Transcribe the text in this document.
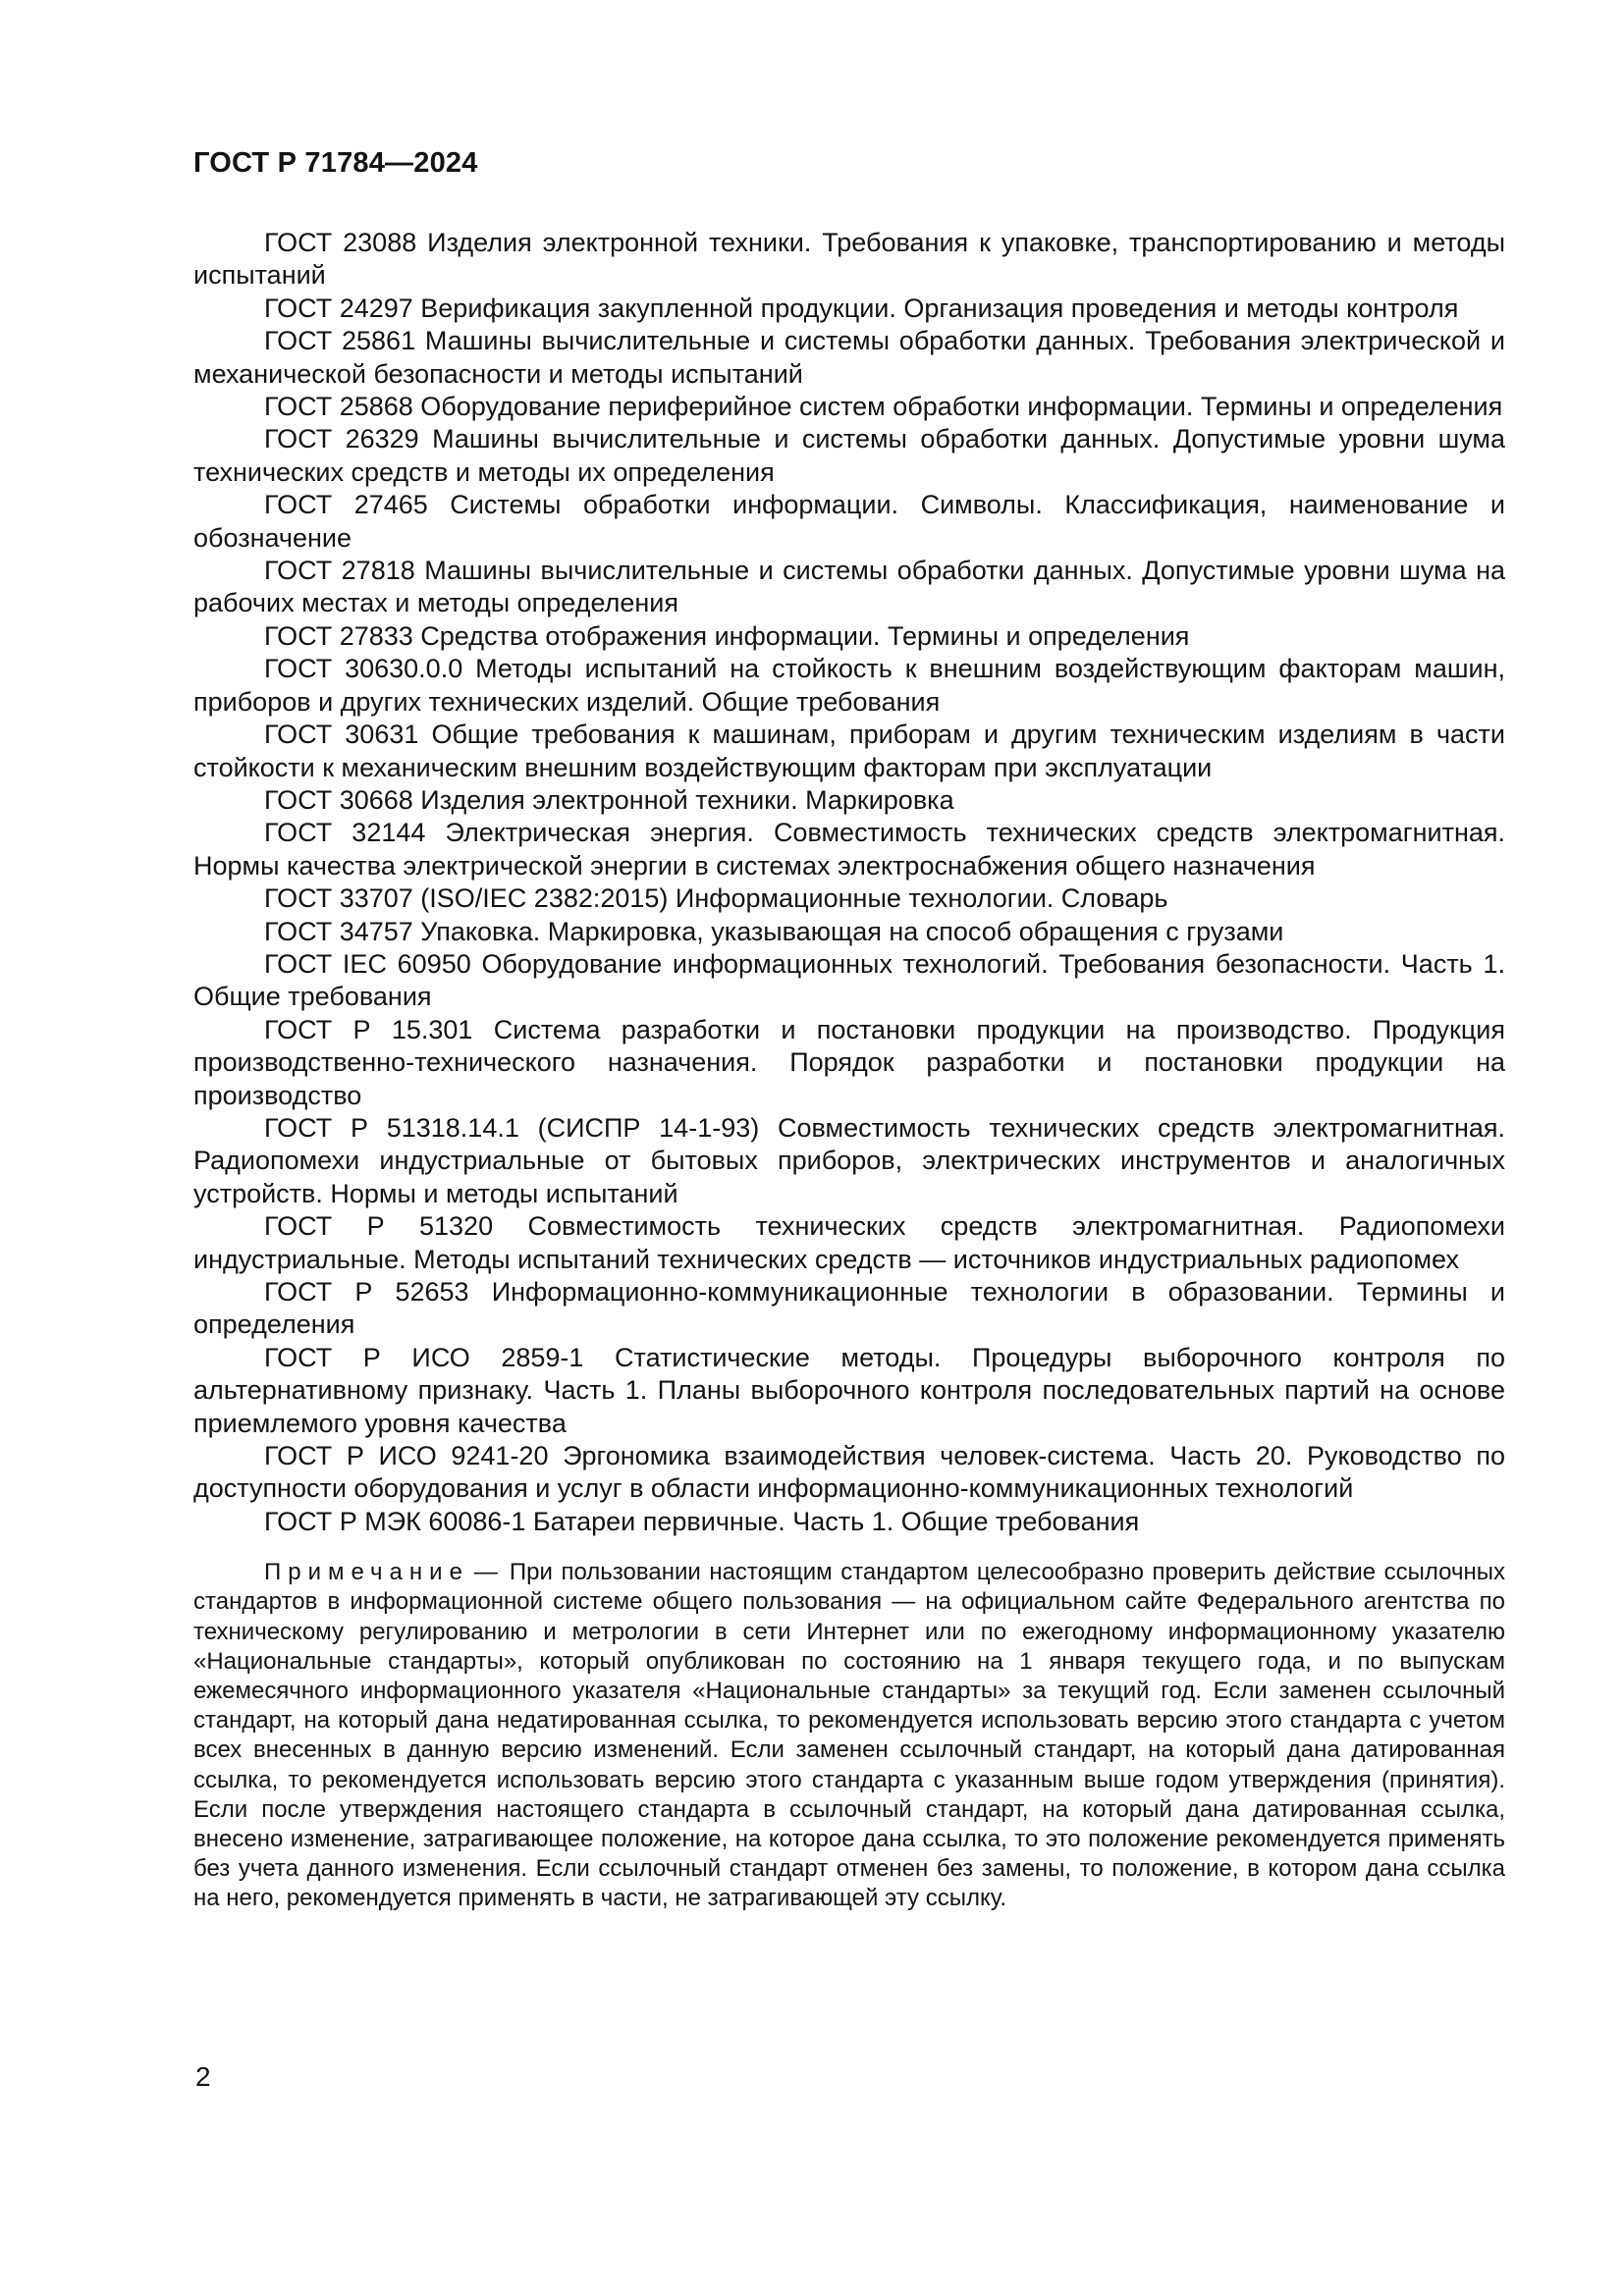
ГОСТ Р 71784—2024

ГОСТ 23088 Изделия электронной техники. Требования к упаковке, транспортированию и методы испытаний

ГОСТ 24297 Верификация закупленной продукции. Организация проведения и методы контроля

ГОСТ 25861 Машины вычислительные и системы обработки данных. Требования электрической и механической безопасности и методы испытаний

ГОСТ 25868 Оборудование периферийное систем обработки информации. Термины и определения

ГОСТ 26329 Машины вычислительные и системы обработки данных. Допустимые уровни шума технических средств и методы их определения

ГОСТ 27465 Системы обработки информации. Символы. Классификация, наименование и обозначение

ГОСТ 27818 Машины вычислительные и системы обработки данных. Допустимые уровни шума на рабочих местах и методы определения

ГОСТ 27833 Средства отображения информации. Термины и определения

ГОСТ 30630.0.0 Методы испытаний на стойкость к внешним воздействующим факторам машин, приборов и других технических изделий. Общие требования

ГОСТ 30631 Общие требования к машинам, приборам и другим техническим изделиям в части стойкости к механическим внешним воздействующим факторам при эксплуатации

ГОСТ 30668 Изделия электронной техники. Маркировка

ГОСТ 32144 Электрическая энергия. Совместимость технических средств электромагнитная. Нормы качества электрической энергии в системах электроснабжения общего назначения

ГОСТ 33707 (ISO/IEC 2382:2015) Информационные технологии. Словарь

ГОСТ 34757 Упаковка. Маркировка, указывающая на способ обращения с грузами

ГОСТ IEC 60950 Оборудование информационных технологий. Требования безопасности. Часть 1. Общие требования

ГОСТ Р 15.301 Система разработки и постановки продукции на производство. Продукция производственно-технического назначения. Порядок разработки и постановки продукции на производство

ГОСТ Р 51318.14.1 (СИСПР 14-1-93) Совместимость технических средств электромагнитная. Радиопомехи индустриальные от бытовых приборов, электрических инструментов и аналогичных устройств. Нормы и методы испытаний

ГОСТ Р 51320 Совместимость технических средств электромагнитная. Радиопомехи индустриальные. Методы испытаний технических средств — источников индустриальных радиопомех

ГОСТ Р 52653 Информационно-коммуникационные технологии в образовании. Термины и определения

ГОСТ Р ИСО 2859-1 Статистические методы. Процедуры выборочного контроля по альтернативному признаку. Часть 1. Планы выборочного контроля последовательных партий на основе приемлемого уровня качества

ГОСТ Р ИСО 9241-20 Эргономика взаимодействия человек-система. Часть 20. Руководство по доступности оборудования и услуг в области информационно-коммуникационных технологий

ГОСТ Р МЭК 60086-1 Батареи первичные. Часть 1. Общие требования

Примечание — При пользовании настоящим стандартом целесообразно проверить действие ссылочных стандартов в информационной системе общего пользования — на официальном сайте Федерального агентства по техническому регулированию и метрологии в сети Интернет или по ежегодному информационному указателю «Национальные стандарты», который опубликован по состоянию на 1 января текущего года, и по выпускам ежемесячного информационного указателя «Национальные стандарты» за текущий год. Если заменен ссылочный стандарт, на который дана недатированная ссылка, то рекомендуется использовать версию этого стандарта с учетом всех внесенных в данную версию изменений. Если заменен ссылочный стандарт, на который дана датированная ссылка, то рекомендуется использовать версию этого стандарта с указанным выше годом утверждения (принятия). Если после утверждения настоящего стандарта в ссылочный стандарт, на который дана датированная ссылка, внесено изменение, затрагивающее положение, на которое дана ссылка, то это положение рекомендуется применять без учета данного изменения. Если ссылочный стандарт отменен без замены, то положение, в котором дана ссылка на него, рекомендуется применять в части, не затрагивающей эту ссылку.

2
